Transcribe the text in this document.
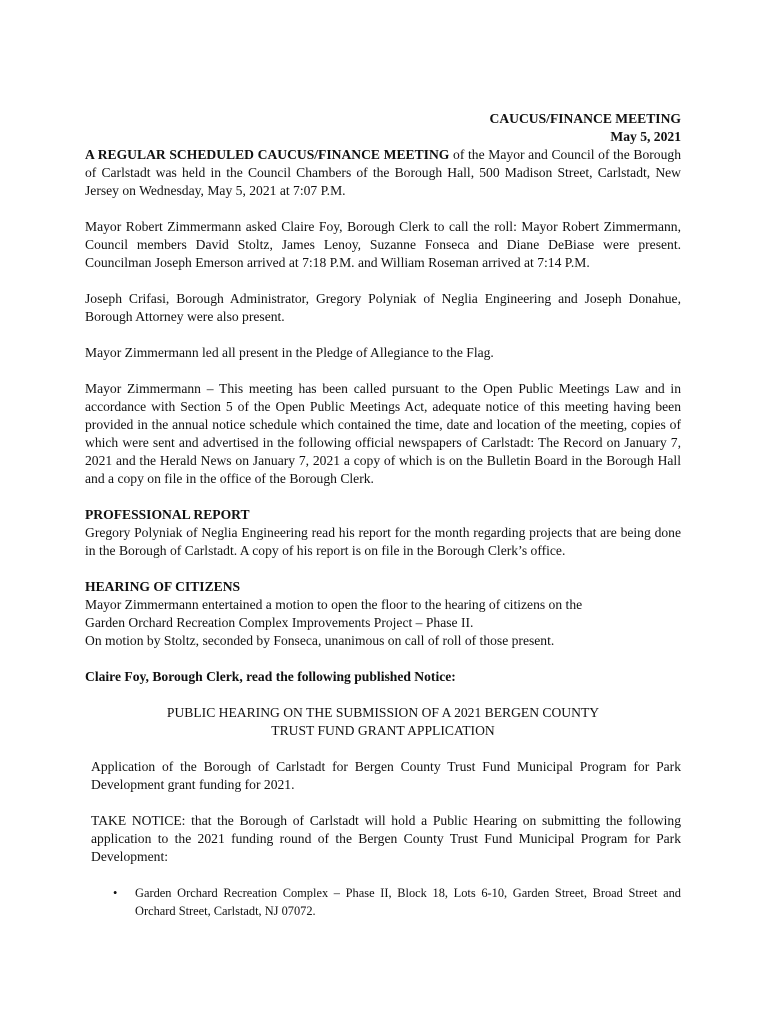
CAUCUS/FINANCE MEETING
May 5, 2021

A REGULAR SCHEDULED CAUCUS/FINANCE MEETING of the Mayor and Council of the Borough of Carlstadt was held in the Council Chambers of the Borough Hall, 500 Madison Street, Carlstadt, New Jersey on Wednesday, May 5, 2021 at 7:07 P.M.

Mayor Robert Zimmermann asked Claire Foy, Borough Clerk to call the roll: Mayor Robert Zimmermann, Council members David Stoltz, James Lenoy, Suzanne Fonseca and Diane DeBiase were present. Councilman Joseph Emerson arrived at 7:18 P.M. and William Roseman arrived at 7:14 P.M.

Joseph Crifasi, Borough Administrator, Gregory Polyniak of Neglia Engineering and Joseph Donahue, Borough Attorney were also present.

Mayor Zimmermann led all present in the Pledge of Allegiance to the Flag.

Mayor Zimmermann – This meeting has been called pursuant to the Open Public Meetings Law and in accordance with Section 5 of the Open Public Meetings Act, adequate notice of this meeting having been provided in the annual notice schedule which contained the time, date and location of the meeting, copies of which were sent and advertised in the following official newspapers of Carlstadt: The Record on January 7, 2021 and the Herald News on January 7, 2021 a copy of which is on the Bulletin Board in the Borough Hall and a copy on file in the office of the Borough Clerk.

PROFESSIONAL REPORT

Gregory Polyniak of Neglia Engineering read his report for the month regarding projects that are being done in the Borough of Carlstadt. A copy of his report is on file in the Borough Clerk’s office.

HEARING OF CITIZENS
Mayor Zimmermann entertained a motion to open the floor to the hearing of citizens on the
Garden Orchard Recreation Complex Improvements Project – Phase II.
On motion by Stoltz, seconded by Fonseca, unanimous on call of roll of those present.
Claire Foy, Borough Clerk, read the following published Notice:
PUBLIC HEARING ON THE SUBMISSION OF A 2021 BERGEN COUNTY
TRUST FUND GRANT APPLICATION

Application of the Borough of Carlstadt for Bergen County Trust Fund Municipal Program for Park Development grant funding for 2021.

TAKE NOTICE: that the Borough of Carlstadt will hold a Public Hearing on submitting the following application to the 2021 funding round of the Bergen County Trust Fund Municipal Program for Park Development:

• Garden Orchard Recreation Complex – Phase II, Block 18, Lots 6-10, Garden Street, Broad Street and Orchard Street, Carlstadt, NJ 07072.
